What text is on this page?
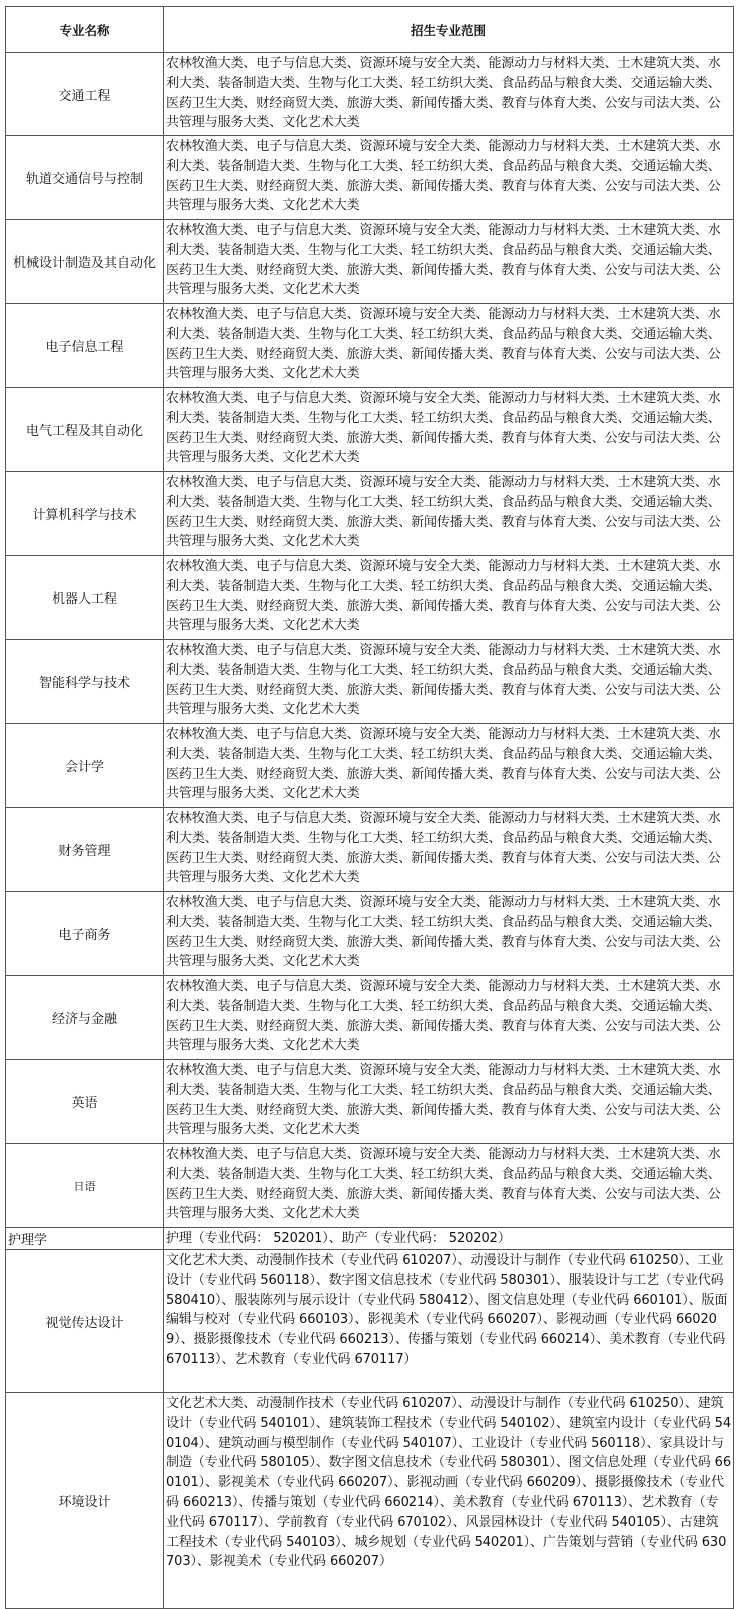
专业名称	招生专业范围
交通工程	农林牧渔大类、电子与信息大类、资源环境与安全大类、能源动力与材料大类、土木建筑大类、水利大类、装备制造大类、生物与化工大类、轻工纺织大类、食品药品与粮食大类、交通运输大类、医药卫生大类、财经商贸大类、旅游大类、新闻传播大类、教育与体育大类、公安与司法大类、公共管理与服务大类、文化艺术大类
轨道交通信号与控制	农林牧渔大类、电子与信息大类、资源环境与安全大类、能源动力与材料大类、土木建筑大类、水利大类、装备制造大类、生物与化工大类、轻工纺织大类、食品药品与粮食大类、交通运输大类、医药卫生大类、财经商贸大类、旅游大类、新闻传播大类、教育与体育大类、公安与司法大类、公共管理与服务大类、文化艺术大类
机械设计制造及其自动化	农林牧渔大类、电子与信息大类、资源环境与安全大类、能源动力与材料大类、土木建筑大类、水利大类、装备制造大类、生物与化工大类、轻工纺织大类、食品药品与粮食大类、交通运输大类、医药卫生大类、财经商贸大类、旅游大类、新闻传播大类、教育与体育大类、公安与司法大类、公共管理与服务大类、文化艺术大类
电子信息工程	农林牧渔大类、电子与信息大类、资源环境与安全大类、能源动力与材料大类、土木建筑大类、水利大类、装备制造大类、生物与化工大类、轻工纺织大类、食品药品与粮食大类、交通运输大类、医药卫生大类、财经商贸大类、旅游大类、新闻传播大类、教育与体育大类、公安与司法大类、公共管理与服务大类、文化艺术大类
电气工程及其自动化	农林牧渔大类、电子与信息大类、资源环境与安全大类、能源动力与材料大类、土木建筑大类、水利大类、装备制造大类、生物与化工大类、轻工纺织大类、食品药品与粮食大类、交通运输大类、医药卫生大类、财经商贸大类、旅游大类、新闻传播大类、教育与体育大类、公安与司法大类、公共管理与服务大类、文化艺术大类
计算机科学与技术	农林牧渔大类、电子与信息大类、资源环境与安全大类、能源动力与材料大类、土木建筑大类、水利大类、装备制造大类、生物与化工大类、轻工纺织大类、食品药品与粮食大类、交通运输大类、医药卫生大类、财经商贸大类、旅游大类、新闻传播大类、教育与体育大类、公安与司法大类、公共管理与服务大类、文化艺术大类
机器人工程	农林牧渔大类、电子与信息大类、资源环境与安全大类、能源动力与材料大类、土木建筑大类、水利大类、装备制造大类、生物与化工大类、轻工纺织大类、食品药品与粮食大类、交通运输大类、医药卫生大类、财经商贸大类、旅游大类、新闻传播大类、教育与体育大类、公安与司法大类、公共管理与服务大类、文化艺术大类
智能科学与技术	农林牧渔大类、电子与信息大类、资源环境与安全大类、能源动力与材料大类、土木建筑大类、水利大类、装备制造大类、生物与化工大类、轻工纺织大类、食品药品与粮食大类、交通运输大类、医药卫生大类、财经商贸大类、旅游大类、新闻传播大类、教育与体育大类、公安与司法大类、公共管理与服务大类、文化艺术大类
会计学	农林牧渔大类、电子与信息大类、资源环境与安全大类、能源动力与材料大类、土木建筑大类、水利大类、装备制造大类、生物与化工大类、轻工纺织大类、食品药品与粮食大类、交通运输大类、医药卫生大类、财经商贸大类、旅游大类、新闻传播大类、教育与体育大类、公安与司法大类、公共管理与服务大类、文化艺术大类
财务管理	农林牧渔大类、电子与信息大类、资源环境与安全大类、能源动力与材料大类、土木建筑大类、水利大类、装备制造大类、生物与化工大类、轻工纺织大类、食品药品与粮食大类、交通运输大类、医药卫生大类、财经商贸大类、旅游大类、新闻传播大类、教育与体育大类、公安与司法大类、公共管理与服务大类、文化艺术大类
电子商务	农林牧渔大类、电子与信息大类、资源环境与安全大类、能源动力与材料大类、土木建筑大类、水利大类、装备制造大类、生物与化工大类、轻工纺织大类、食品药品与粮食大类、交通运输大类、医药卫生大类、财经商贸大类、旅游大类、新闻传播大类、教育与体育大类、公安与司法大类、公共管理与服务大类、文化艺术大类
经济与金融	农林牧渔大类、电子与信息大类、资源环境与安全大类、能源动力与材料大类、土木建筑大类、水利大类、装备制造大类、生物与化工大类、轻工纺织大类、食品药品与粮食大类、交通运输大类、医药卫生大类、财经商贸大类、旅游大类、新闻传播大类、教育与体育大类、公安与司法大类、公共管理与服务大类、文化艺术大类
英语	农林牧渔大类、电子与信息大类、资源环境与安全大类、能源动力与材料大类、土木建筑大类、水利大类、装备制造大类、生物与化工大类、轻工纺织大类、食品药品与粮食大类、交通运输大类、医药卫生大类、财经商贸大类、旅游大类、新闻传播大类、教育与体育大类、公安与司法大类、公共管理与服务大类、文化艺术大类
日语	农林牧渔大类、电子与信息大类、资源环境与安全大类、能源动力与材料大类、土木建筑大类、水利大类、装备制造大类、生物与化工大类、轻工纺织大类、食品药品与粮食大类、交通运输大类、医药卫生大类、财经商贸大类、旅游大类、新闻传播大类、教育与体育大类、公安与司法大类、公共管理与服务大类、文化艺术大类
护理学	护理（专业代码： 520201）、助产（专业代码： 520202）
视觉传达设计	文化艺术大类、动漫制作技术（专业代码 610207）、动漫设计与制作（专业代码 610250）、工业设计（专业代码 560118）、数字图文信息技术（专业代码 580301）、服装设计与工艺（专业代码 580410）、服装陈列与展示设计（专业代码 580412）、图文信息处理（专业代码 660101）、版面编辑与校对（专业代码 660103）、影视美术（专业代码 660207）、影视动画（专业代码 660209）、摄影摄像技术（专业代码 660213）、传播与策划（专业代码 660214）、美术教育（专业代码 670113）、艺术教育（专业代码 670117）
环境设计	文化艺术大类、动漫制作技术（专业代码 610207）、动漫设计与制作（专业代码 610250）、建筑设计（专业代码 540101）、建筑装饰工程技术（专业代码 540102）、建筑室内设计（专业代码 540104）、建筑动画与模型制作（专业代码 540107）、工业设计（专业代码 560118）、家具设计与制造（专业代码 580105）、数字图文信息技术（专业代码 580301）、图文信息处理（专业代码 660101）、影视美术（专业代码 660207）、影视动画（专业代码 660209）、摄影摄像技术（专业代码 660213）、传播与策划（专业代码 660214）、美术教育（专业代码 670113）、艺术教育（专业代码 670117）、学前教育（专业代码 670102）、风景园林设计（专业代码 540105）、古建筑工程技术（专业代码 540103）、城乡规划（专业代码 540201）、广告策划与营销（专业代码 630703）、影视美术（专业代码 660207）
